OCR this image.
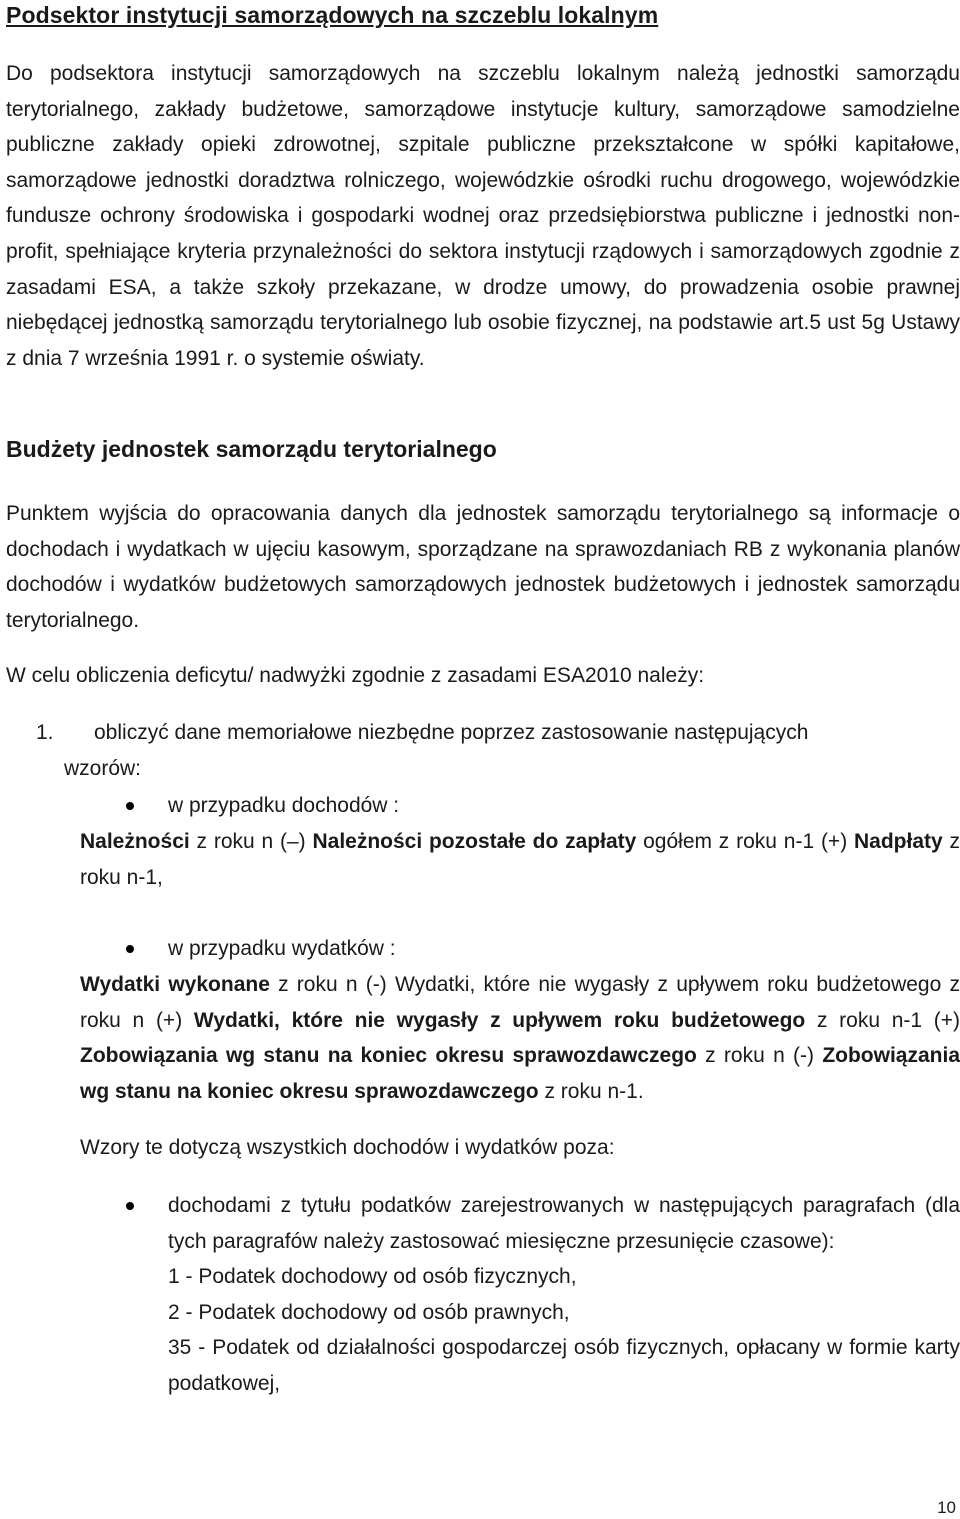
Podsektor instytucji samorządowych na szczeblu lokalnym

Do podsektora instytucji samorządowych na szczeblu lokalnym należą jednostki samorządu terytorialnego, zakłady budżetowe, samorządowe instytucje kultury, samorządowe samodzielne publiczne zakłady opieki zdrowotnej, szpitale publiczne przekształcone w spółki kapitałowe, samorządowe jednostki doradztwa rolniczego, wojewódzkie ośrodki ruchu drogowego, wojewódzkie fundusze ochrony środowiska i gospodarki wodnej oraz przedsiębiorstwa publiczne i jednostki non-profit, spełniające kryteria przynależności do sektora instytucji rządowych i samorządowych zgodnie z zasadami ESA, a także szkoły przekazane, w drodze umowy, do prowadzenia osobie prawnej niebędącej jednostką samorządu terytorialnego lub osobie fizycznej, na podstawie art.5 ust 5g Ustawy z dnia 7 września 1991 r. o systemie oświaty.

Budżety jednostek samorządu terytorialnego

Punktem wyjścia do opracowania danych dla jednostek samorządu terytorialnego są informacje o dochodach i wydatkach w ujęciu kasowym, sporządzane na sprawozdaniach RB z wykonania planów dochodów i wydatków budżetowych samorządowych jednostek budżetowych i jednostek samorządu terytorialnego.

W celu obliczenia deficytu/ nadwyżki zgodnie z zasadami ESA2010 należy:

1. obliczyć dane memoriałowe niezbędne poprzez zastosowanie następujących
wzorów:
w przypadku dochodów :

Należności z roku n (–) Należności pozostałe do zapłaty ogółem z roku n-1 (+) Nadpłaty z roku n-1,

w przypadku wydatków :

Wydatki wykonane z roku n (-) Wydatki, które nie wygasły z upływem roku budżetowego z roku n (+) Wydatki, które nie wygasły z upływem roku budżetowego z roku n-1 (+) Zobowiązania wg stanu na koniec okresu sprawozdawczego z roku n (-) Zobowiązania wg stanu na koniec okresu sprawozdawczego z roku n-1.

Wzory te dotyczą wszystkich dochodów i wydatków poza:

dochodami z tytułu podatków zarejestrowanych w następujących paragrafach (dla tych paragrafów należy zastosować miesięczne przesunięcie czasowe):
1 - Podatek dochodowy od osób fizycznych,
2 - Podatek dochodowy od osób prawnych,
35 - Podatek od działalności gospodarczej osób fizycznych, opłacany w formie karty podatkowej,
10
